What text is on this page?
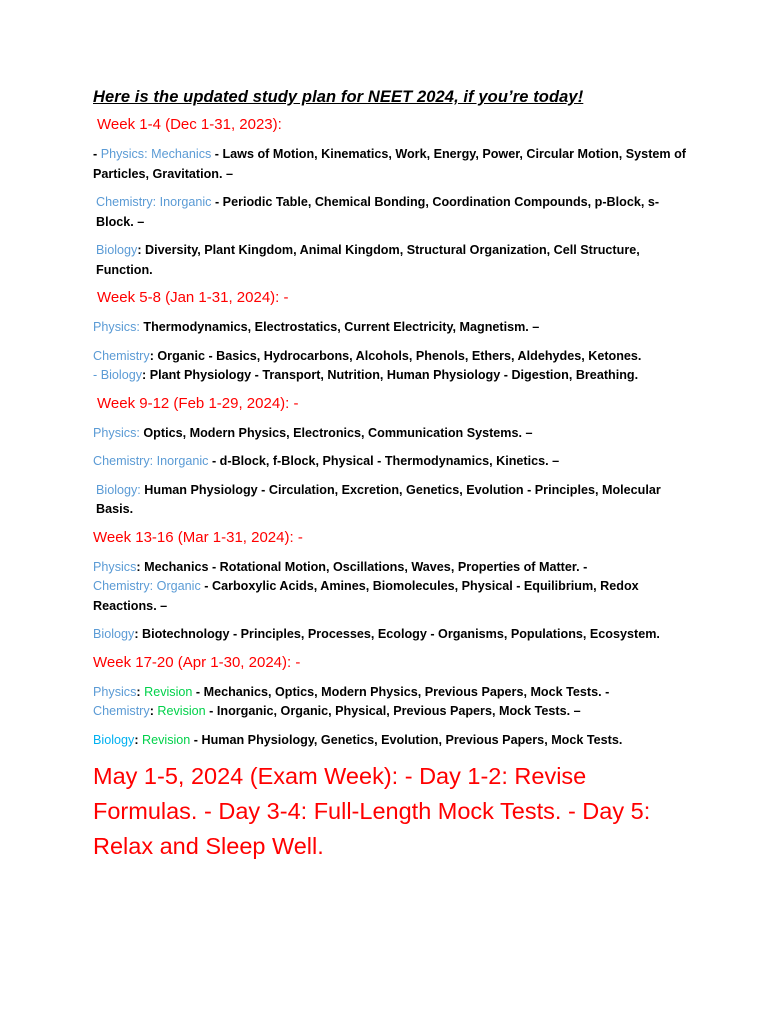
Here is the updated study plan for NEET 2024, if you’re today!
Week 1-4 (Dec 1-31, 2023):
- Physics: Mechanics - Laws of Motion, Kinematics, Work, Energy, Power, Circular Motion, System of Particles, Gravitation. –
Chemistry: Inorganic - Periodic Table, Chemical Bonding, Coordination Compounds, p-Block, s-Block. –
Biology: Diversity, Plant Kingdom, Animal Kingdom, Structural Organization, Cell Structure, Function.
Week 5-8 (Jan 1-31, 2024): -
Physics: Thermodynamics, Electrostatics, Current Electricity, Magnetism. –
Chemistry: Organic - Basics, Hydrocarbons, Alcohols, Phenols, Ethers, Aldehydes, Ketones.
- Biology: Plant Physiology - Transport, Nutrition, Human Physiology - Digestion, Breathing.
Week 9-12 (Feb 1-29, 2024): -
Physics: Optics, Modern Physics, Electronics, Communication Systems. –
Chemistry: Inorganic - d-Block, f-Block, Physical - Thermodynamics, Kinetics. –
Biology: Human Physiology - Circulation, Excretion, Genetics, Evolution - Principles, Molecular Basis.
Week 13-16 (Mar 1-31, 2024): -
Physics: Mechanics - Rotational Motion, Oscillations, Waves, Properties of Matter. -
Chemistry: Organic - Carboxylic Acids, Amines, Biomolecules, Physical - Equilibrium, Redox Reactions. –
Biology: Biotechnology - Principles, Processes, Ecology - Organisms, Populations, Ecosystem.
Week 17-20 (Apr 1-30, 2024): -
Physics: Revision - Mechanics, Optics, Modern Physics, Previous Papers, Mock Tests. -
Chemistry: Revision - Inorganic, Organic, Physical, Previous Papers, Mock Tests. –
Biology: Revision - Human Physiology, Genetics, Evolution, Previous Papers, Mock Tests.
May 1-5, 2024 (Exam Week): - Day 1-2: Revise Formulas. - Day 3-4: Full-Length Mock Tests. - Day 5: Relax and Sleep Well.
